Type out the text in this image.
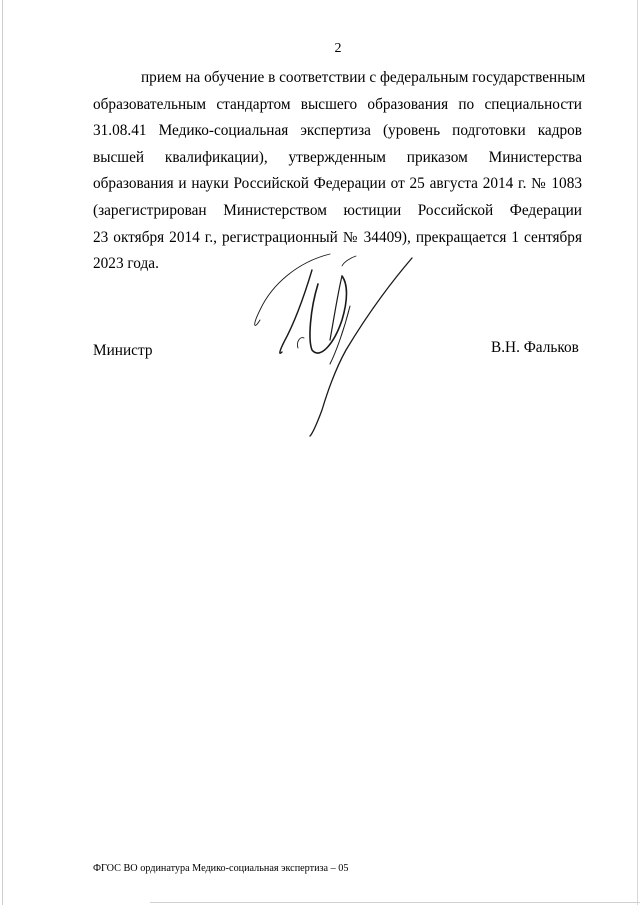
2
прием на обучение в соответствии с федеральным государственным
образовательным стандартом высшего образования по специальности
31.08.41 Медико-социальная экспертиза (уровень подготовки кадров
высшей квалификации), утвержденным приказом Министерства
образования и науки Российской Федерации от 25 августа 2014 г. № 1083
(зарегистрирован Министерством юстиции Российской Федерации
23 октября 2014 г., регистрационный № 34409), прекращается 1 сентября
2023 года.
Министр	В.Н. Фальков
ФГОС ВО ординатура Медико-социальная экспертиза – 05
